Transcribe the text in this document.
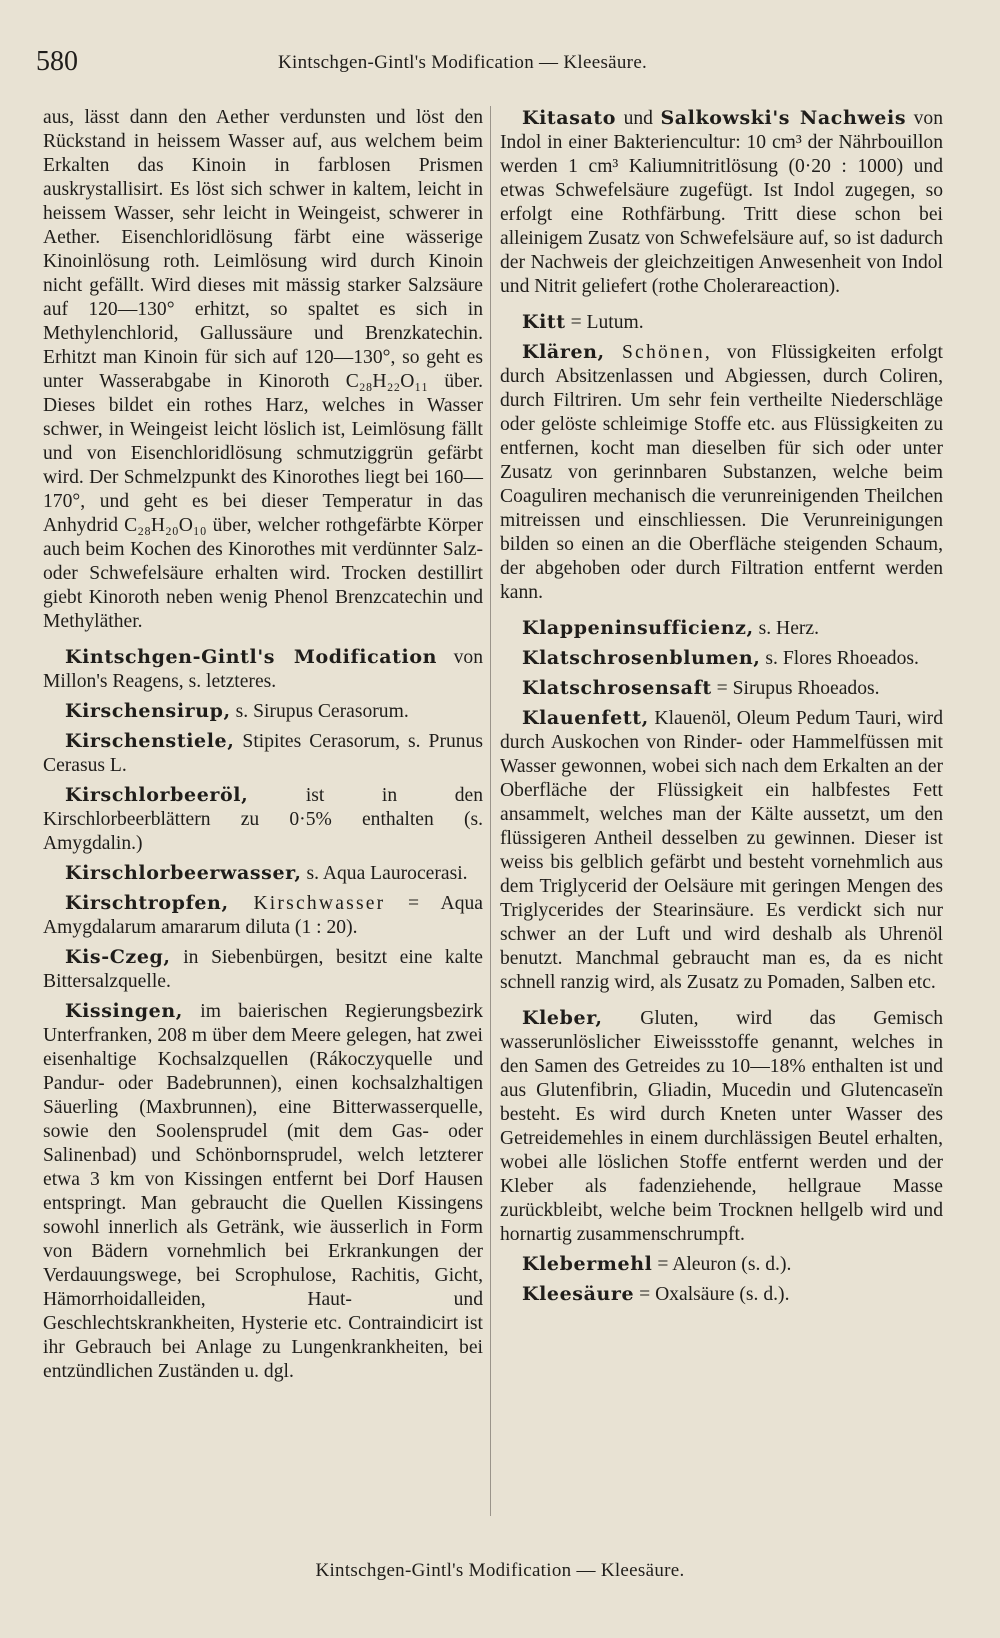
580	Kintschgen-Gintl's Modification — Kleesäure.

aus, lässt dann den Aether verdunsten und löst den Rückstand in heissem Wasser auf, aus welchem beim Erkalten das Kinoin in farblosen Prismen auskrystallisirt. Es löst sich schwer in kaltem, leicht in heissem Wasser, sehr leicht in Weingeist, schwerer in Aether. Eisenchloridlösung färbt eine wässerige Kinoinlösung roth. Leimlösung wird durch Kinoin nicht gefällt. Wird dieses mit mässig starker Salzsäure auf 120—130° erhitzt, so spaltet es sich in Methylenchlorid, Gallussäure und Brenzkatechin. Erhitzt man Kinoin für sich auf 120—130°, so geht es unter Wasserabgabe in Kinoroth C₂₈H₂₂O₁₁ über. Dieses bildet ein rothes Harz, welches in Wasser schwer, in Weingeist leicht löslich ist, Leimlösung fällt und von Eisenchloridlösung schmutziggrün gefärbt wird. Der Schmelzpunkt des Kinorothes liegt bei 160—170°, und geht es bei dieser Temperatur in das Anhydrid C₂₈H₂₀O₁₀ über, welcher rothgefärbte Körper auch beim Kochen des Kinorothes mit verdünnter Salz- oder Schwefelsäure erhalten wird. Trocken destillirt giebt Kinoroth neben wenig Phenol Brenzcatechin und Methyläther.

Kintschgen-Gintl's Modification von Millon's Reagens, s. letzteres.

Kirschensirup, s. Sirupus Cerasorum.

Kirschenstiele, Stipites Cerasorum, s. Prunus Cerasus L.

Kirschlorbeeröl, ist in den Kirschlorbeerblättern zu 0·5% enthalten (s. Amygdalin.)

Kirschlorbeerwasser, s. Aqua Laurocerasi.

Kirschtropfen, Kirschwasser = Aqua Amygdalarum amararum diluta (1 : 20).

Kis-Czeg, in Siebenbürgen, besitzt eine kalte Bittersalzquelle.

Kissingen, im baierischen Regierungsbezirk Unterfranken, 208 m über dem Meere gelegen, hat zwei eisenhaltige Kochsalzquellen (Rákoczyquelle und Pandur- oder Badebrunnen), einen kochsalzhaltigen Säuerling (Maxbrunnen), eine Bitterwasserquelle, sowie den Soolensprudel (mit dem Gas- oder Salinenbad) und Schönbornsprudel, welch letzterer etwa 3 km von Kissingen entfernt bei Dorf Hausen entspringt. Man gebraucht die Quellen Kissingens sowohl innerlich als Getränk, wie äusserlich in Form von Bädern vornehmlich bei Erkrankungen der Verdauungswege, bei Scrophulose, Rachitis, Gicht, Hämorrhoidalleiden, Haut- und Geschlechtskrankheiten, Hysterie etc. Contraindicirt ist ihr Gebrauch bei Anlage zu Lungenkrankheiten, bei entzündlichen Zuständen u. dgl.

Kitasato und Salkowski's Nachweis von Indol in einer Bakteriencultur: 10 cm³ der Nährbouillon werden 1 cm³ Kaliumnitritlösung (0·20 : 1000) und etwas Schwefelsäure zugefügt. Ist Indol zugegen, so erfolgt eine Rothfärbung. Tritt diese schon bei alleinigem Zusatz von Schwefelsäure auf, so ist dadurch der Nachweis der gleichzeitigen Anwesenheit von Indol und Nitrit geliefert (rothe Cholerareaction).

Kitt = Lutum.

Klären, Schönen, von Flüssigkeiten erfolgt durch Absitzenlassen und Abgiessen, durch Coliren, durch Filtriren. Um sehr fein vertheilte Niederschläge oder gelöste schleimige Stoffe etc. aus Flüssigkeiten zu entfernen, kocht man dieselben für sich oder unter Zusatz von gerinnbaren Substanzen, welche beim Coaguliren mechanisch die verunreinigenden Theilchen mitreissen und einschliessen. Die Verunreinigungen bilden so einen an die Oberfläche steigenden Schaum, der abgehoben oder durch Filtration entfernt werden kann.

Klappeninsufficienz, s. Herz.

Klatschrosenblumen, s. Flores Rhoeados.

Klatschrosensaft = Sirupus Rhoeados.

Klauenfett, Klauenöl, Oleum Pedum Tauri, wird durch Auskochen von Rinder- oder Hammelfüssen mit Wasser gewonnen, wobei sich nach dem Erkalten an der Oberfläche der Flüssigkeit ein halbfestes Fett ansammelt, welches man der Kälte aussetzt, um den flüssigeren Antheil desselben zu gewinnen. Dieser ist weiss bis gelblich gefärbt und besteht vornehmlich aus dem Triglycerid der Oelsäure mit geringen Mengen des Triglycerides der Stearinsäure. Es verdickt sich nur schwer an der Luft und wird deshalb als Uhrenöl benutzt. Manchmal gebraucht man es, da es nicht schnell ranzig wird, als Zusatz zu Pomaden, Salben etc.

Kleber, Gluten, wird das Gemisch wasserunlöslicher Eiweissstoffe genannt, welches in den Samen des Getreides zu 10—18% enthalten ist und aus Glutenfibrin, Gliadin, Mucedin und Glutencaseïn besteht. Es wird durch Kneten unter Wasser des Getreidemehles in einem durchlässigen Beutel erhalten, wobei alle löslichen Stoffe entfernt werden und der Kleber als fadenziehende, hellgraue Masse zurückbleibt, welche beim Trocknen hellgelb wird und hornartig zusammenschrumpft.

Klebermehl = Aleuron (s. d.).

Kleesäure = Oxalsäure (s. d.).

Kintschgen-Gintl's Modification — Kleesäure.
